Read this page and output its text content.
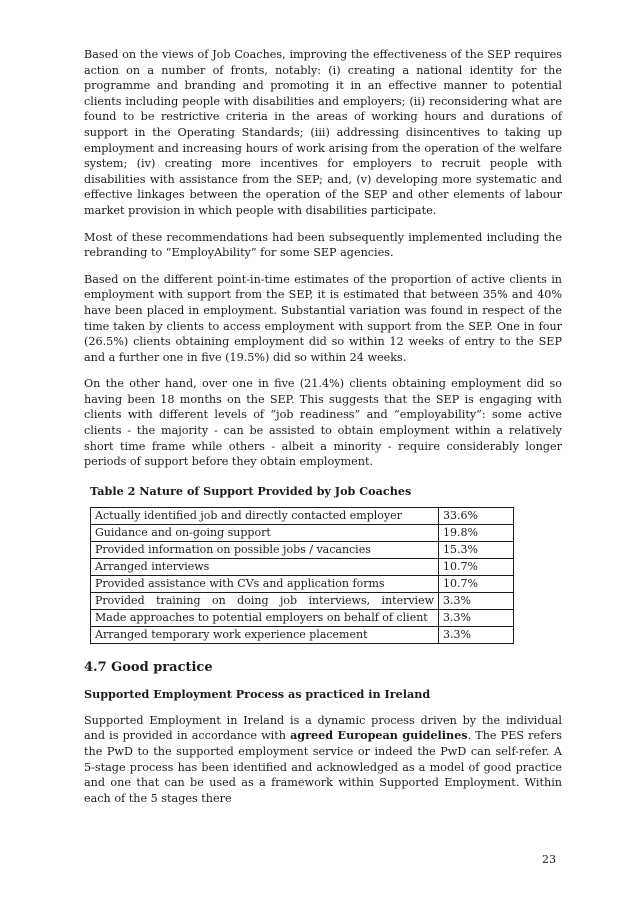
Based on the views of Job Coaches, improving the effectiveness of the SEP requires action on a number of fronts, notably: (i) creating a national identity for the programme and branding and promoting it in an effective manner to potential clients including people with disabilities and employers; (ii) reconsidering what are found to be restrictive criteria in the areas of working hours and durations of support in the Operating Standards; (iii) addressing disincentives to taking up employment and increasing hours of work arising from the operation of the welfare system; (iv) creating more incentives for employers to recruit people with disabilities with assistance from the SEP; and, (v) developing more systematic and effective linkages between the operation of the SEP and other elements of labour market provision in which people with disabilities participate.

Most of these recommendations had been subsequently implemented including the rebranding to “EmployAbility” for some SEP agencies.

Based on the different point-in-time estimates of the proportion of active clients in employment with support from the SEP, it is estimated that between 35% and 40% have been placed in employment. Substantial variation was found in respect of the time taken by clients to access employment with support from the SEP. One in four (26.5%) clients obtaining employment did so within 12 weeks of entry to the SEP and a further one in five (19.5%) did so within 24 weeks.

On the other hand, over one in five (21.4%) clients obtaining employment did so having been 18 months on the SEP. This suggests that the SEP is engaging with clients with different levels of “job readiness” and “employability”: some active clients - the majority - can be assisted to obtain employment within a relatively short time frame while others - albeit a minority - require considerably longer periods of support before they obtain employment.

Table 2 Nature of Support Provided by Job Coaches
Actually identified job and directly contacted employer	33.6%
Guidance and on-going support	19.8%
Provided information on possible jobs / vacancies	15.3%
Arranged interviews	10.7%
Provided assistance with CVs and application forms	10.7%
Provided training on doing job interviews, interview	3.3%
Made approaches to potential employers on behalf of client	3.3%
Arranged temporary work experience placement	3.3%
4.7 Good practice
Supported Employment Process as practiced in Ireland

Supported Employment in Ireland is a dynamic process driven by the individual and is provided in accordance with agreed European guidelines. The PES refers the PwD to the supported employment service or indeed the PwD can self-refer. A 5-stage process has been identified and acknowledged as a model of good practice and one that can be used as a framework within Supported Employment. Within each of the 5 stages there

23
